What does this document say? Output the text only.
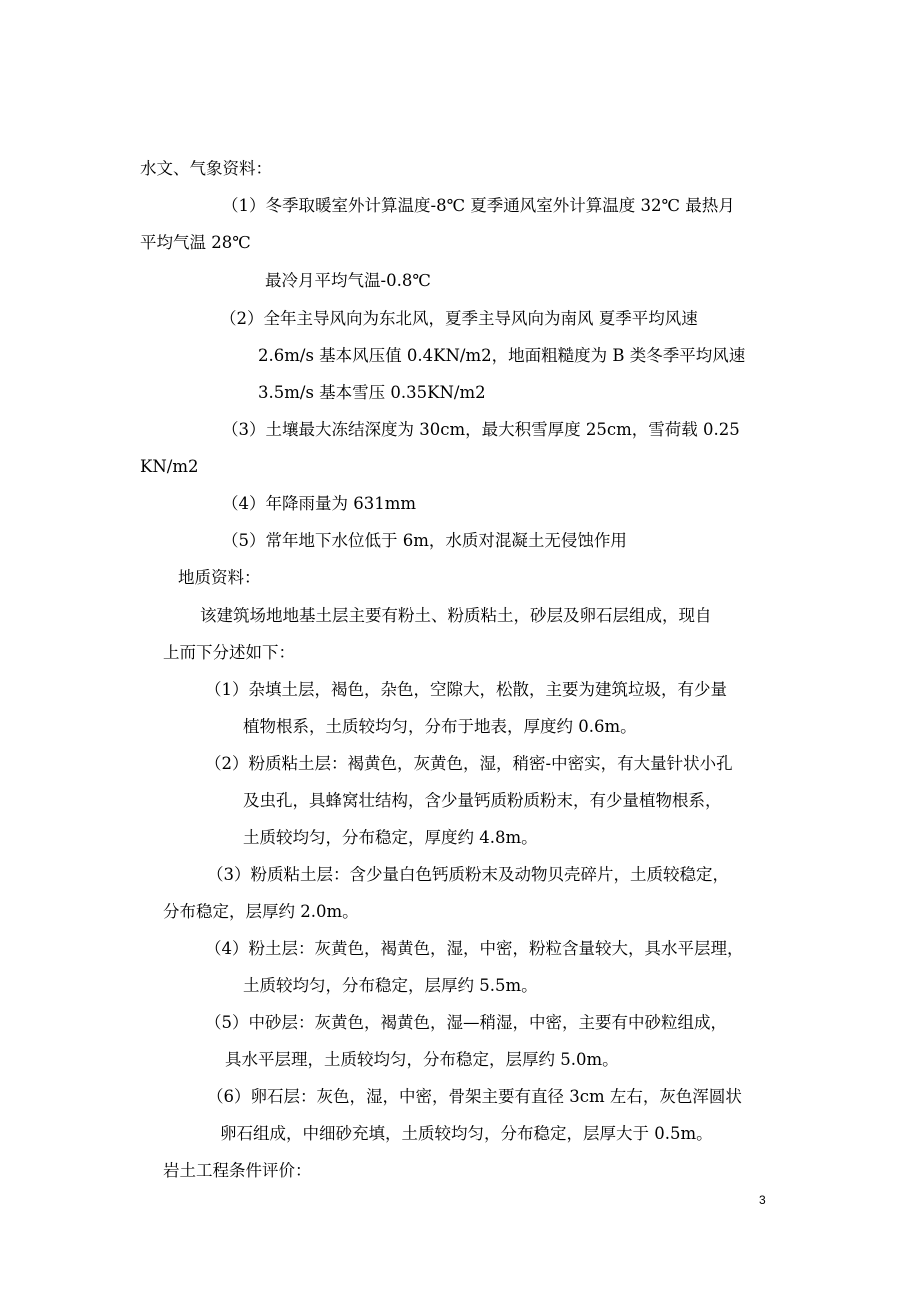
水文、气象资料：
（1）冬季取暖室外计算温度-8℃ 夏季通风室外计算温度 32℃ 最热月
平均气温 28℃
最冷月平均气温-0.8℃
（2）全年主导风向为东北风，夏季主导风向为南风 夏季平均风速
2.6m/s 基本风压值 0.4KN/m2，地面粗糙度为 B 类冬季平均风速
3.5m/s 基本雪压 0.35KN/m2
（3）土壤最大冻结深度为 30cm，最大积雪厚度 25cm，雪荷载 0.25
KN/m2
（4）年降雨量为 631mm
（5）常年地下水位低于 6m，水质对混凝土无侵蚀作用
地质资料：
该建筑场地地基土层主要有粉土、粉质粘土，砂层及卵石层组成，现自
上而下分述如下：
（1）杂填土层，褐色，杂色，空隙大，松散，主要为建筑垃圾，有少量
植物根系，土质较均匀，分布于地表，厚度约 0.6m。
（2）粉质粘土层：褐黄色，灰黄色，湿，稍密-中密实，有大量针状小孔
及虫孔，具蜂窝壮结构，含少量钙质粉质粉末，有少量植物根系，
土质较均匀，分布稳定，厚度约 4.8m。
（3）粉质粘土层：含少量白色钙质粉末及动物贝壳碎片，土质较稳定，
分布稳定，层厚约 2.0m。
（4）粉土层：灰黄色，褐黄色，湿，中密，粉粒含量较大，具水平层理，
土质较均匀，分布稳定，层厚约 5.5m。
（5）中砂层：灰黄色，褐黄色，湿—稍湿，中密，主要有中砂粒组成，
具水平层理，土质较均匀，分布稳定，层厚约 5.0m。
（6）卵石层：灰色，湿，中密，骨架主要有直径 3cm 左右，灰色浑圆状
卵石组成，中细砂充填，土质较均匀，分布稳定，层厚大于 0.5m。
岩土工程条件评价：
3
